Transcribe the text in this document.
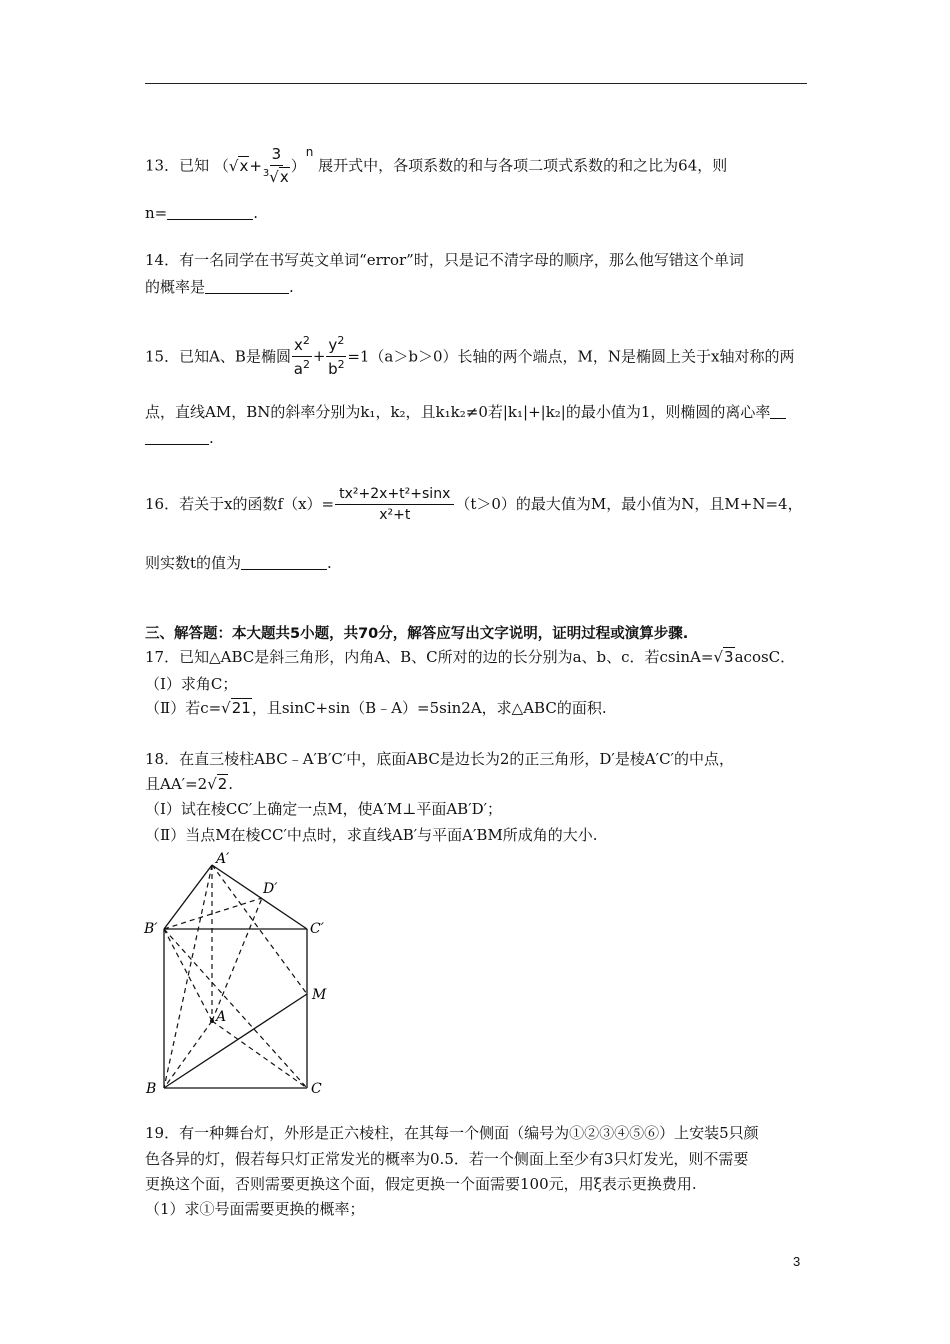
13．已知 （ $√x + \frac{3}{^3√x}$ ）
n
展开式中，各项系数的和与各项二项式系数的和之比为64，则
n=	.
14．有一名同学在书写英文单词“error”时，只是记不清字母的顺序，那么他写错这个单词
的概率是	.
15．已知A、B是椭圆 $\frac{x^2}{a^2} + \frac{y^2}{b^2} =1(a>b>0)$长轴的两个端点，M，N是椭圆上关于x轴对称的两
点，直线AM，BN的斜率分别为k₁，k₂，且k₁k₂≠0若|k₁|+|k₂|的最小值为1，则椭圆的离心率
.
16．若关于x的函数$f(x)= \frac{\text{tx²+2x+t²+sinx}}{\text{x²+t}} (t>0)$的最大值为M，最小值为N，且M+N=4，
则实数t的值为	.
三、解答题：本大题共5小题，共70分，解答应写出文字说明，证明过程或演算步骤.
17．已知△ABC是斜三角形，内角A、B、C所对的边的长分别为a、b、c．若csinA=√3acosC．
（Ⅰ）求角C；
（Ⅱ）若c=√21，且sinC+sin（B﹣A）=5sin2A，求△ABC的面积.
18．在直三棱柱ABC﹣A′B′C′中，底面ABC是边长为2的正三角形，D′是棱A′C′的中点，
且AA′=2√2.
（Ⅰ）试在棱CC′上确定一点M，使A′M⊥平面AB′D′；
（Ⅱ）当点M在棱CC′中点时，求直线AB′与平面A′BM所成角的大小.
A′
D′
B′	C′
M
A
B	C
19．有一种舞台灯，外形是正六棱柱，在其每一个侧面（编号为①②③④⑤⑥）上安装5只颜
色各异的灯，假若每只灯正常发光的概率为0.5．若一个侧面上至少有3只灯发光，则不需要
更换这个面，否则需要更换这个面，假定更换一个面需要100元，用ξ表示更换费用.
（1）求①号面需要更换的概率；
3
